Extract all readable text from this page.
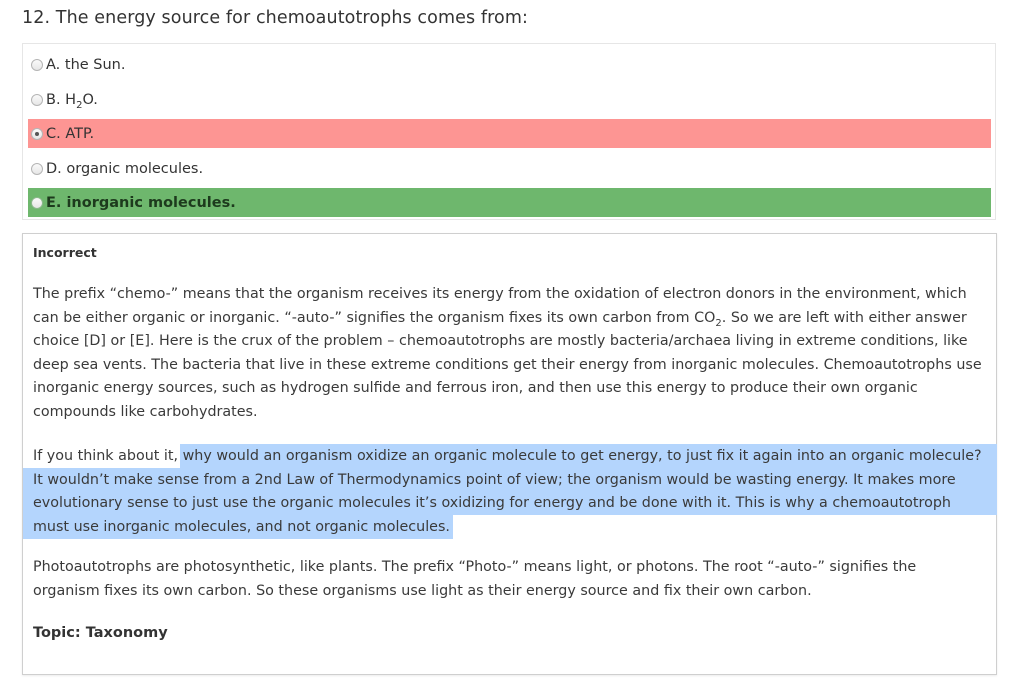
12. The energy source for chemoautotrophs comes from:
A. the Sun.
B. $H_2O$.
C. ATP.
D. organic molecules.
E. inorganic molecules.
Incorrect
The prefix “chemo-” means that the organism receives its energy from the oxidation of electron donors in the environment, which
can be either organic or inorganic. “-auto-” signifies the organism fixes its own carbon from $CO_2$. So we are left with either answer
choice [D] or [E]. Here is the crux of the problem – chemoautotrophs are mostly bacteria/archaea living in extreme conditions, like
deep sea vents. The bacteria that live in these extreme conditions get their energy from inorganic molecules. Chemoautotrophs use
inorganic energy sources, such as hydrogen sulfide and ferrous iron, and then use this energy to produce their own organic
compounds like carbohydrates.
If you think about it, why would an organism oxidize an organic molecule to get energy, to just fix it again into an organic molecule?
It wouldn’t make sense from a 2nd Law of Thermodynamics point of view; the organism would be wasting energy. It makes more
evolutionary sense to just use the organic molecules it’s oxidizing for energy and be done with it. This is why a chemoautotroph
must use inorganic molecules, and not organic molecules.
Photoautotrophs are photosynthetic, like plants. The prefix “Photo-” means light, or photons. The root “-auto-” signifies the
organism fixes its own carbon. So these organisms use light as their energy source and fix their own carbon.
Topic: Taxonomy
